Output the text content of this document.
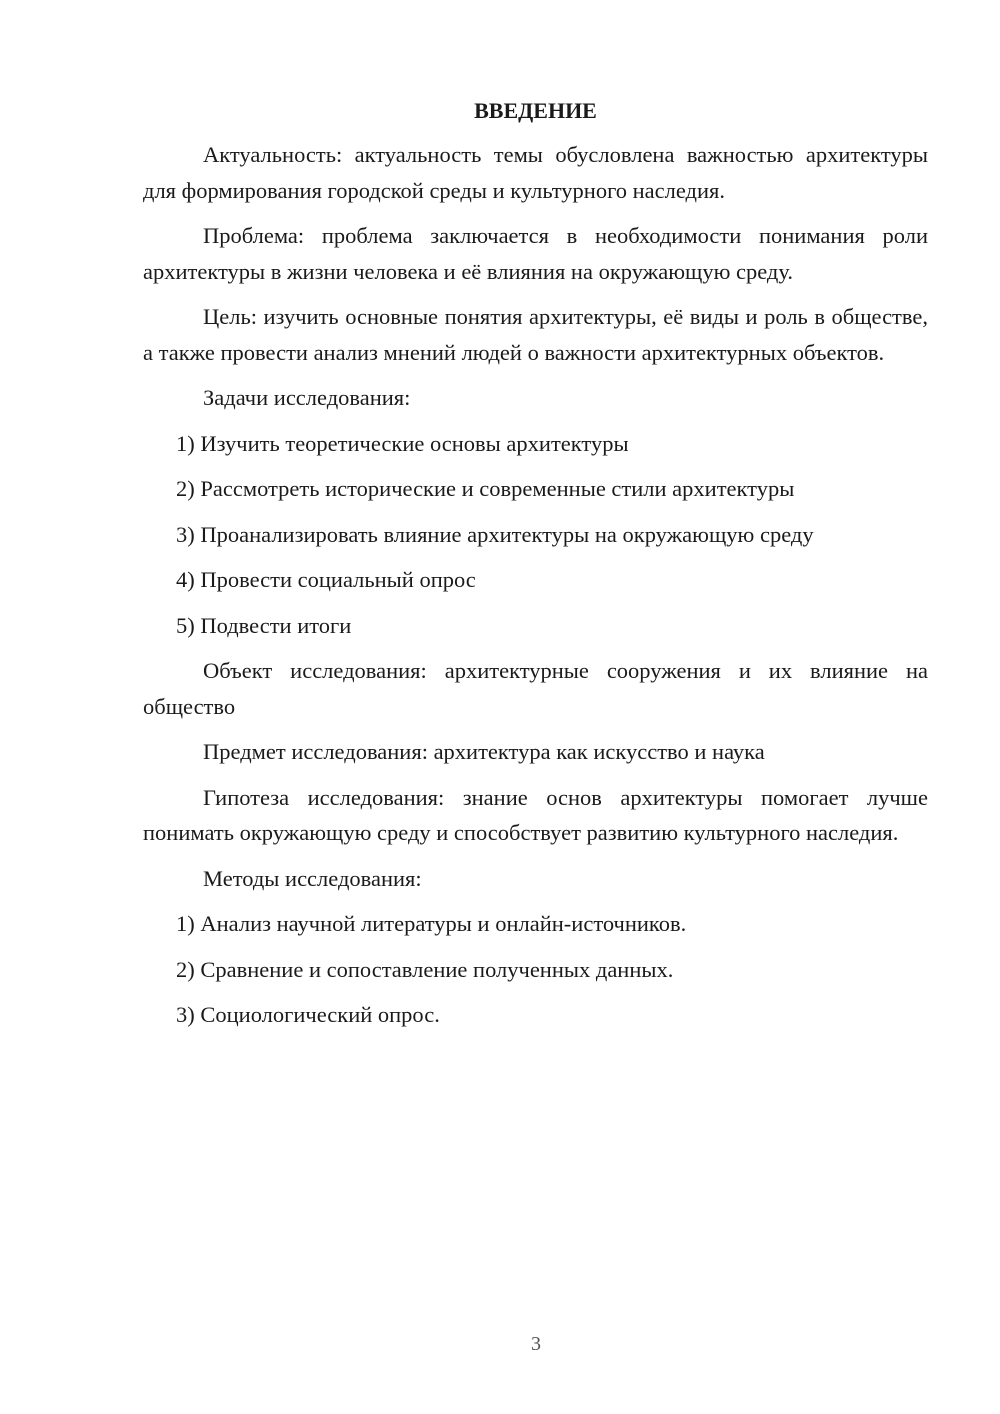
ВВЕДЕНИЕ

Актуальность: актуальность темы обусловлена важностью архитектуры для формирования городской среды и культурного наследия.

Проблема: проблема заключается в необходимости понимания роли архитектуры в жизни человека и её влияния на окружающую среду.

Цель: изучить основные понятия архитектуры, её виды и роль в обществе, а также провести анализ мнений людей о важности архитектурных объектов.

Задачи исследования:

1) Изучить теоретические основы архитектуры

2) Рассмотреть исторические и современные стили архитектуры

3) Проанализировать влияние архитектуры на окружающую среду

4) Провести социальный опрос

5) Подвести итоги

Объект исследования: архитектурные сооружения и их влияние на общество

Предмет исследования: архитектура как искусство и наука

Гипотеза исследования: знание основ архитектуры помогает лучше понимать окружающую среду и способствует развитию культурного наследия.

Методы исследования:

1) Анализ научной литературы и онлайн-источников.

2) Сравнение и сопоставление полученных данных.

3) Социологический опрос.

3
